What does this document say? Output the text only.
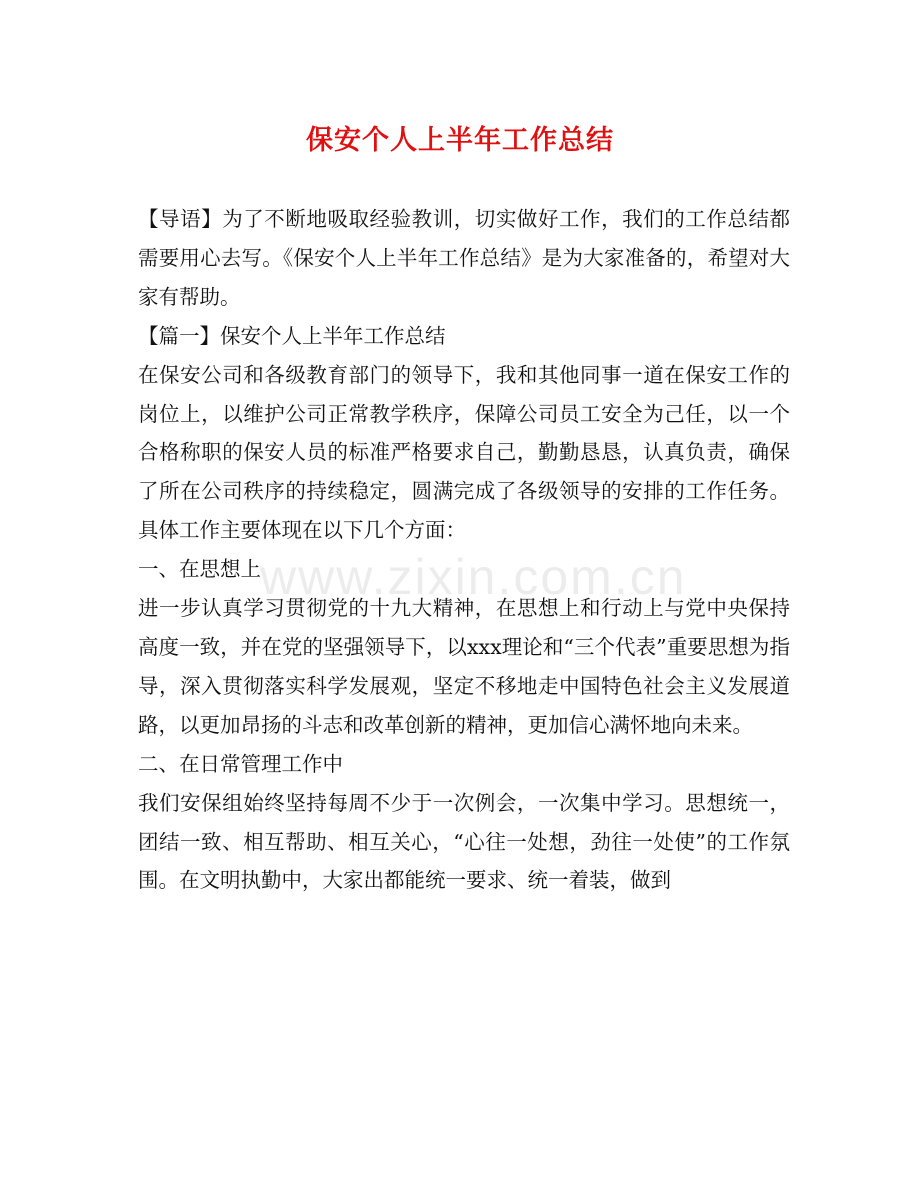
保安个人上半年工作总结

【导语】为了不断地吸取经验教训，切实做好工作，我们的工作总结都需要用心去写。《保安个人上半年工作总结》是为大家准备的，希望对大家有帮助。

【篇一】保安个人上半年工作总结

在保安公司和各级教育部门的领导下，我和其他同事一道在保安工作的岗位上，以维护公司正常教学秩序，保障公司员工安全为己任，以一个合格称职的保安人员的标准严格要求自己，勤勤恳恳，认真负责，确保了所在公司秩序的持续稳定，圆满完成了各级领导的安排的工作任务。具体工作主要体现在以下几个方面：

一、在思想上

进一步认真学习贯彻党的十九大精神，在思想上和行动上与党中央保持高度一致，并在党的坚强领导下，以xxx理论和“三个代表”重要思想为指导，深入贯彻落实科学发展观，坚定不移地走中国特色社会主义发展道路，以更加昂扬的斗志和改革创新的精神，更加信心满怀地向未来。

二、在日常管理工作中

我们安保组始终坚持每周不少于一次例会，一次集中学习。思想统一，团结一致、相互帮助、相互关心，“心往一处想，劲往一处使”的工作氛围。在文明执勤中，大家出都能统一要求、统一着装，做到

www.zixin.com.cn
